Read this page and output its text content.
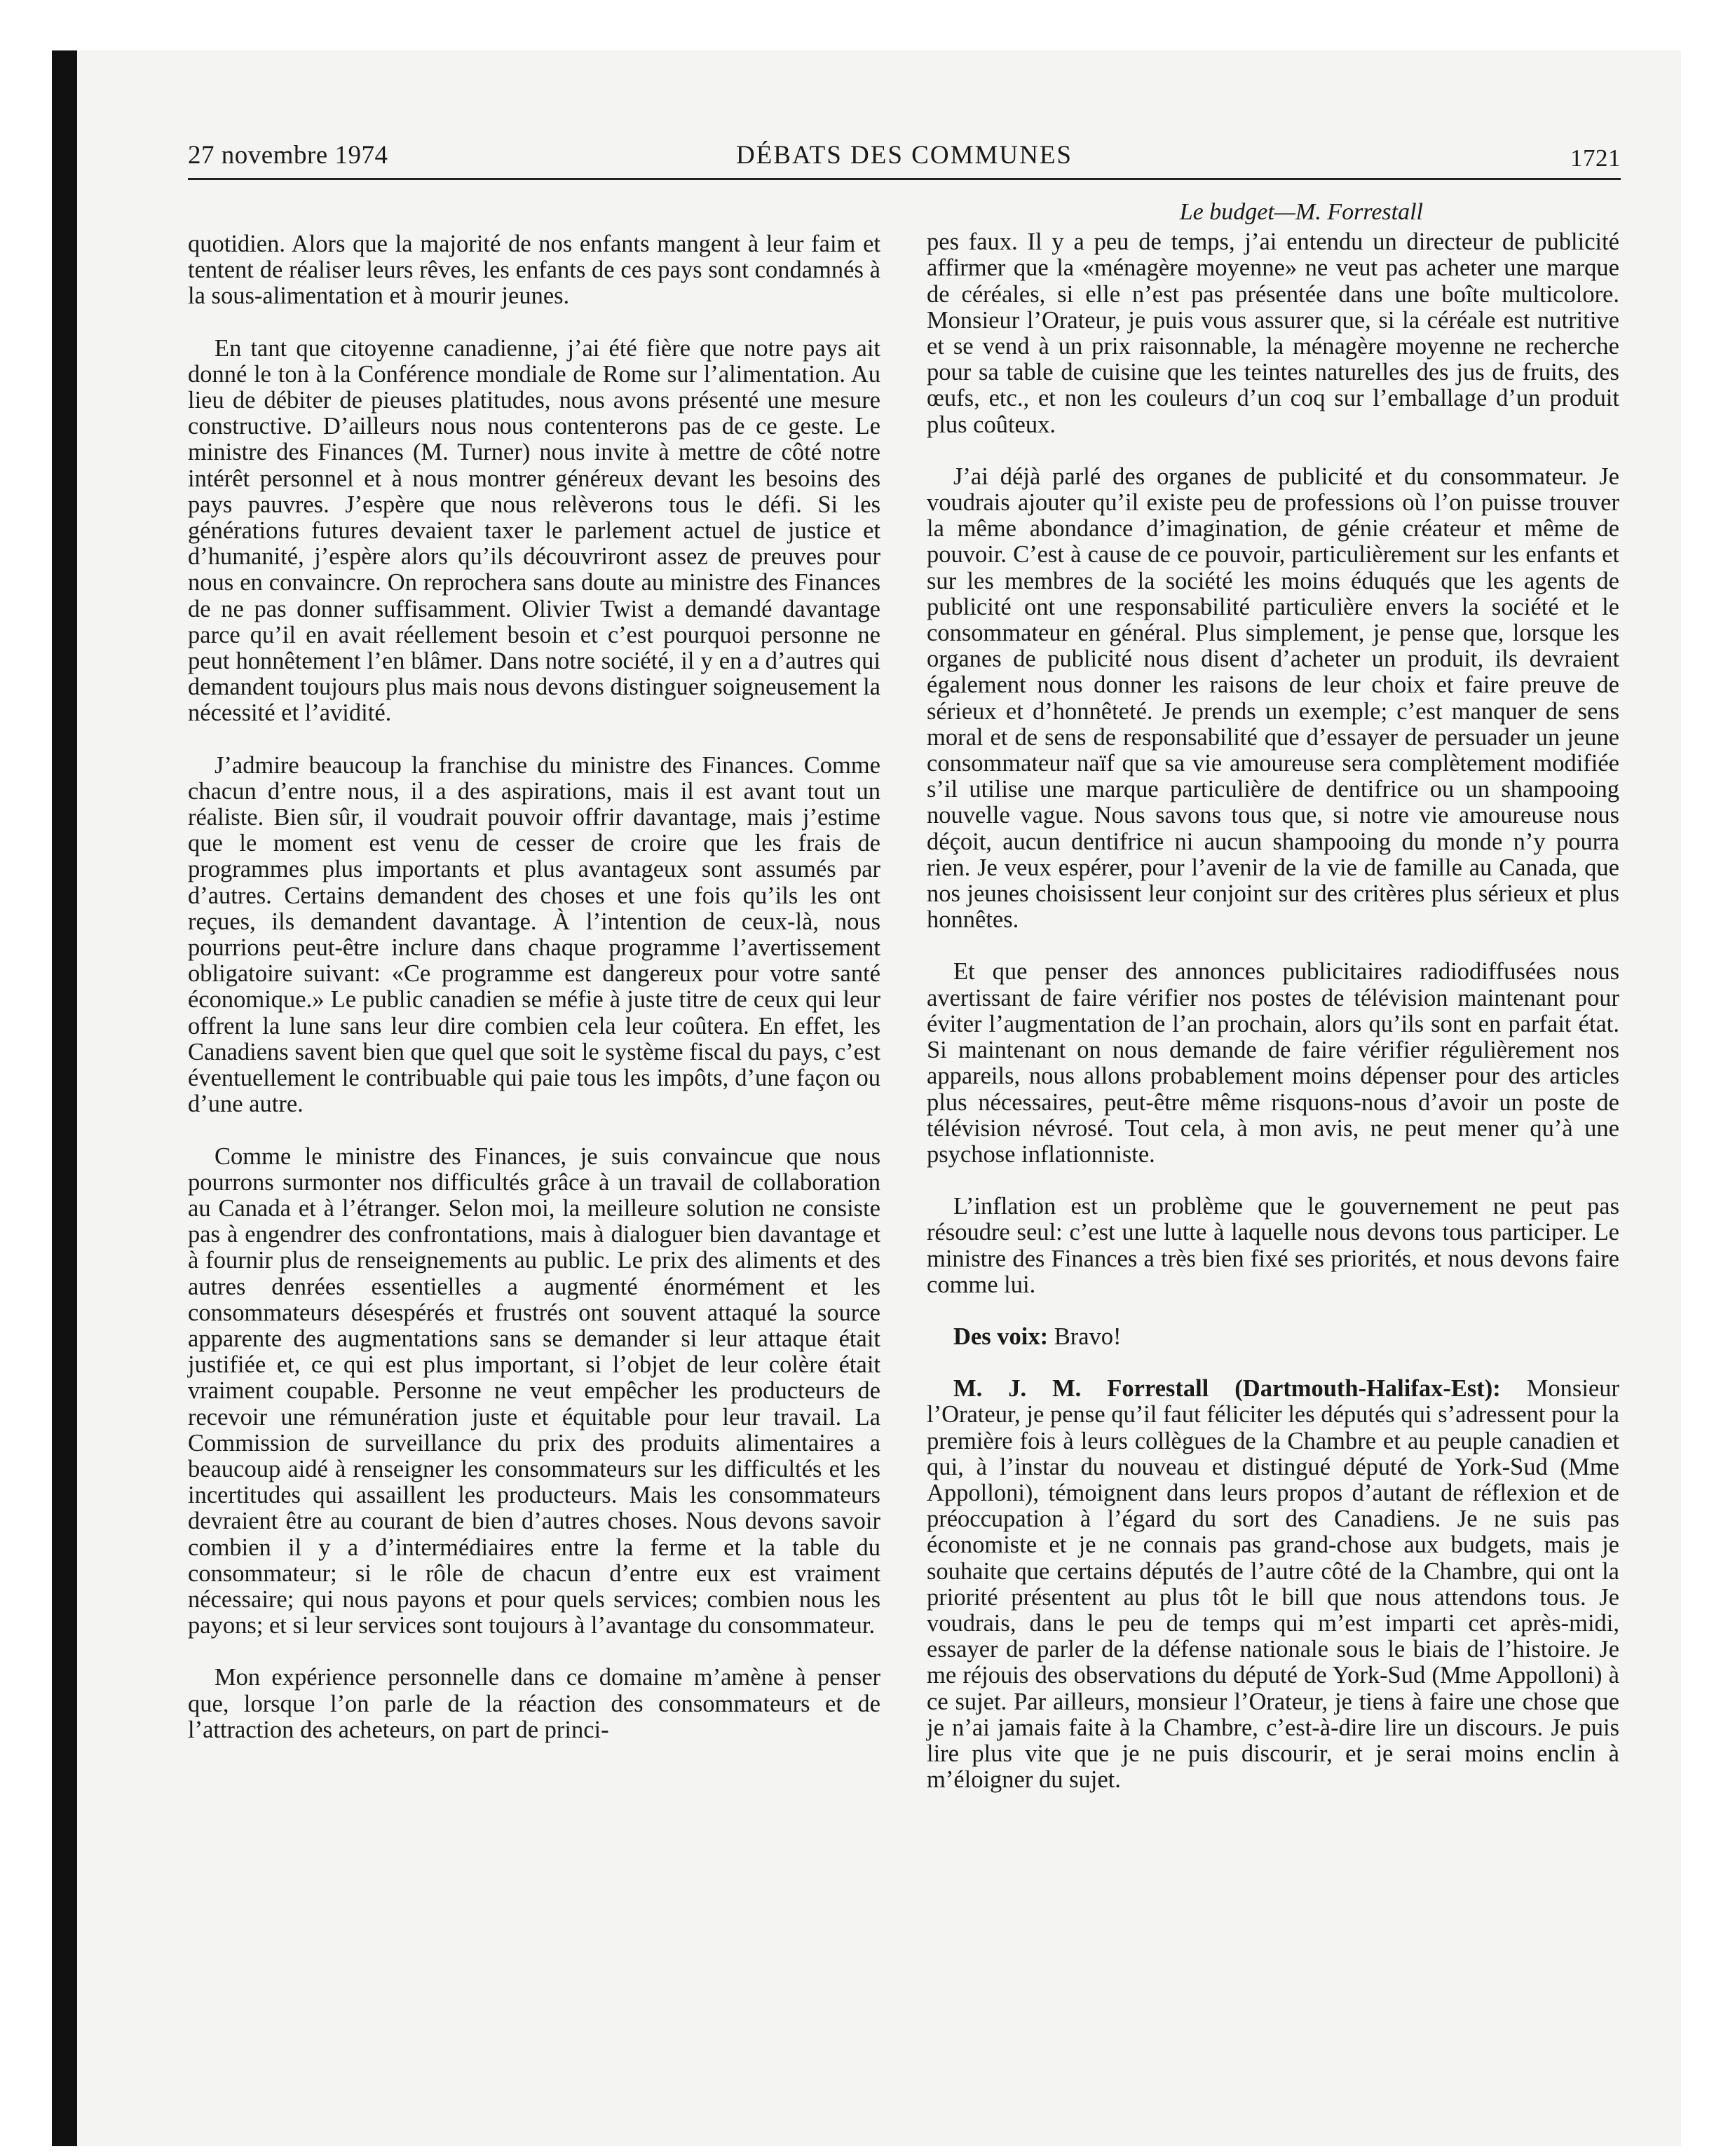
27 novembre 1974	DÉBATS DES COMMUNES	1721

quotidien. Alors que la majorité de nos enfants mangent à leur faim et tentent de réaliser leurs rêves, les enfants de ces pays sont condamnés à la sous-alimentation et à mourir jeunes.

En tant que citoyenne canadienne, j’ai été fière que notre pays ait donné le ton à la Conférence mondiale de Rome sur l’alimentation. Au lieu de débiter de pieuses platitudes, nous avons présenté une mesure constructive. D’ailleurs nous nous contenterons pas de ce geste. Le ministre des Finances (M. Turner) nous invite à mettre de côté notre intérêt personnel et à nous montrer généreux devant les besoins des pays pauvres. J’espère que nous relèverons tous le défi. Si les générations futures devaient taxer le parlement actuel de justice et d’humanité, j’espère alors qu’ils découvriront assez de preuves pour nous en convaincre. On reprochera sans doute au ministre des Finances de ne pas donner suffisamment. Olivier Twist a demandé davantage parce qu’il en avait réellement besoin et c’est pourquoi personne ne peut honnêtement l’en blâmer. Dans notre société, il y en a d’autres qui demandent toujours plus mais nous devons distinguer soigneusement la nécessité et l’avidité.

J’admire beaucoup la franchise du ministre des Finances. Comme chacun d’entre nous, il a des aspirations, mais il est avant tout un réaliste. Bien sûr, il voudrait pouvoir offrir davantage, mais j’estime que le moment est venu de cesser de croire que les frais de programmes plus importants et plus avantageux sont assumés par d’autres. Certains demandent des choses et une fois qu’ils les ont reçues, ils demandent davantage. À l’intention de ceux-là, nous pourrions peut-être inclure dans chaque programme l’avertissement obligatoire suivant: «Ce programme est dangereux pour votre santé économique.» Le public canadien se méfie à juste titre de ceux qui leur offrent la lune sans leur dire combien cela leur coûtera. En effet, les Canadiens savent bien que quel que soit le système fiscal du pays, c’est éventuellement le contribuable qui paie tous les impôts, d’une façon ou d’une autre.

Comme le ministre des Finances, je suis convaincue que nous pourrons surmonter nos difficultés grâce à un travail de collaboration au Canada et à l’étranger. Selon moi, la meilleure solution ne consiste pas à engendrer des confrontations, mais à dialoguer bien davantage et à fournir plus de renseignements au public. Le prix des aliments et des autres denrées essentielles a augmenté énormément et les consommateurs désespérés et frustrés ont souvent attaqué la source apparente des augmentations sans se demander si leur attaque était justifiée et, ce qui est plus important, si l’objet de leur colère était vraiment coupable. Personne ne veut empêcher les producteurs de recevoir une rémunération juste et équitable pour leur travail. La Commission de surveillance du prix des produits alimentaires a beaucoup aidé à renseigner les consommateurs sur les difficultés et les incertitudes qui assaillent les producteurs. Mais les consommateurs devraient être au courant de bien d’autres choses. Nous devons savoir combien il y a d’intermédiaires entre la ferme et la table du consommateur; si le rôle de chacun d’entre eux est vraiment nécessaire; qui nous payons et pour quels services; combien nous les payons; et si leur services sont toujours à l’avantage du consommateur.

Mon expérience personnelle dans ce domaine m’amène à penser que, lorsque l’on parle de la réaction des consommateurs et de l’attraction des acheteurs, on part de princi-

Le budget—M. Forrestall

pes faux. Il y a peu de temps, j’ai entendu un directeur de publicité affirmer que la «ménagère moyenne» ne veut pas acheter une marque de céréales, si elle n’est pas présentée dans une boîte multicolore. Monsieur l’Orateur, je puis vous assurer que, si la céréale est nutritive et se vend à un prix raisonnable, la ménagère moyenne ne recherche pour sa table de cuisine que les teintes naturelles des jus de fruits, des œufs, etc., et non les couleurs d’un coq sur l’emballage d’un produit plus coûteux.

J’ai déjà parlé des organes de publicité et du consommateur. Je voudrais ajouter qu’il existe peu de professions où l’on puisse trouver la même abondance d’imagination, de génie créateur et même de pouvoir. C’est à cause de ce pouvoir, particulièrement sur les enfants et sur les membres de la société les moins éduqués que les agents de publicité ont une responsabilité particulière envers la société et le consommateur en général. Plus simplement, je pense que, lorsque les organes de publicité nous disent d’acheter un produit, ils devraient également nous donner les raisons de leur choix et faire preuve de sérieux et d’honnêteté. Je prends un exemple; c’est manquer de sens moral et de sens de responsabilité que d’essayer de persuader un jeune consommateur naïf que sa vie amoureuse sera complètement modifiée s’il utilise une marque particulière de dentifrice ou un shampooing nouvelle vague. Nous savons tous que, si notre vie amoureuse nous déçoit, aucun dentifrice ni aucun shampooing du monde n’y pourra rien. Je veux espérer, pour l’avenir de la vie de famille au Canada, que nos jeunes choisissent leur conjoint sur des critères plus sérieux et plus honnêtes.

Et que penser des annonces publicitaires radiodiffusées nous avertissant de faire vérifier nos postes de télévision maintenant pour éviter l’augmentation de l’an prochain, alors qu’ils sont en parfait état. Si maintenant on nous demande de faire vérifier régulièrement nos appareils, nous allons probablement moins dépenser pour des articles plus nécessaires, peut-être même risquons-nous d’avoir un poste de télévision névrosé. Tout cela, à mon avis, ne peut mener qu’à une psychose inflationniste.

L’inflation est un problème que le gouvernement ne peut pas résoudre seul: c’est une lutte à laquelle nous devons tous participer. Le ministre des Finances a très bien fixé ses priorités, et nous devons faire comme lui.

Des voix: Bravo!

M. J. M. Forrestall (Dartmouth-Halifax-Est): Monsieur l’Orateur, je pense qu’il faut féliciter les députés qui s’adressent pour la première fois à leurs collègues de la Chambre et au peuple canadien et qui, à l’instar du nouveau et distingué député de York-Sud (Mme Appolloni), témoignent dans leurs propos d’autant de réflexion et de préoccupation à l’égard du sort des Canadiens. Je ne suis pas économiste et je ne connais pas grand-chose aux budgets, mais je souhaite que certains députés de l’autre côté de la Chambre, qui ont la priorité présentent au plus tôt le bill que nous attendons tous. Je voudrais, dans le peu de temps qui m’est imparti cet après-midi, essayer de parler de la défense nationale sous le biais de l’histoire. Je me réjouis des observations du député de York-Sud (Mme Appolloni) à ce sujet. Par ailleurs, monsieur l’Orateur, je tiens à faire une chose que je n’ai jamais faite à la Chambre, c’est-à-dire lire un discours. Je puis lire plus vite que je ne puis discourir, et je serai moins enclin à m’éloigner du sujet.
